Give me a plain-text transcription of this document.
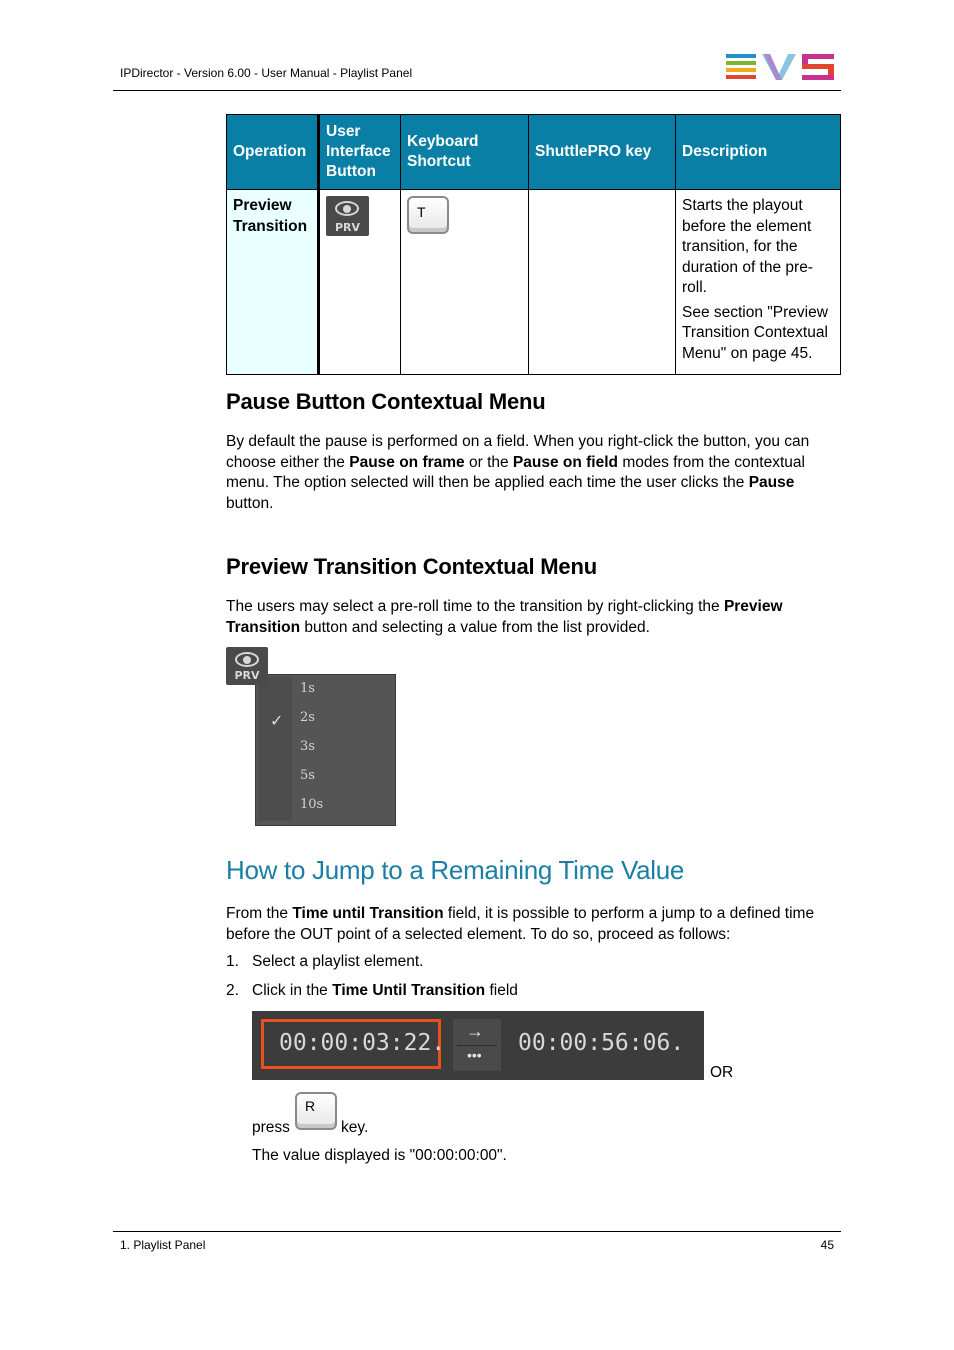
IPDirector - Version 6.00 - User Manual - Playlist Panel
Operation	User Interface Button	Keyboard Shortcut	ShuttlePRO key	Description
Preview Transition	PRV	T		Starts the playout before the element transition, for the duration of the pre-roll.

See section "Preview Transition Contextual Menu" on page 45.

Pause Button Contextual Menu

By default the pause is performed on a field. When you right-click the button, you can choose either the Pause on frame or the Pause on field modes from the contextual menu. The option selected will then be applied each time the user clicks the Pause button.

Preview Transition Contextual Menu

The users may select a pre-roll time to the transition by right-clicking the Preview Transition button and selecting a value from the list provided.

✓
1s
2s
3s
5s
10s
PRV
How to Jump to a Remaining Time Value

From the Time until Transition field, it is possible to perform a jump to a defined time before the OUT point of a selected element. To do so, proceed as follows:

1. Select a playlist element.
2. Click in the Time Until Transition field
00:00:03:22. →
••• 00:00:56:06.
OR
press
R
key.
The value displayed is "00:00:00:00".
1. Playlist Panel	45
